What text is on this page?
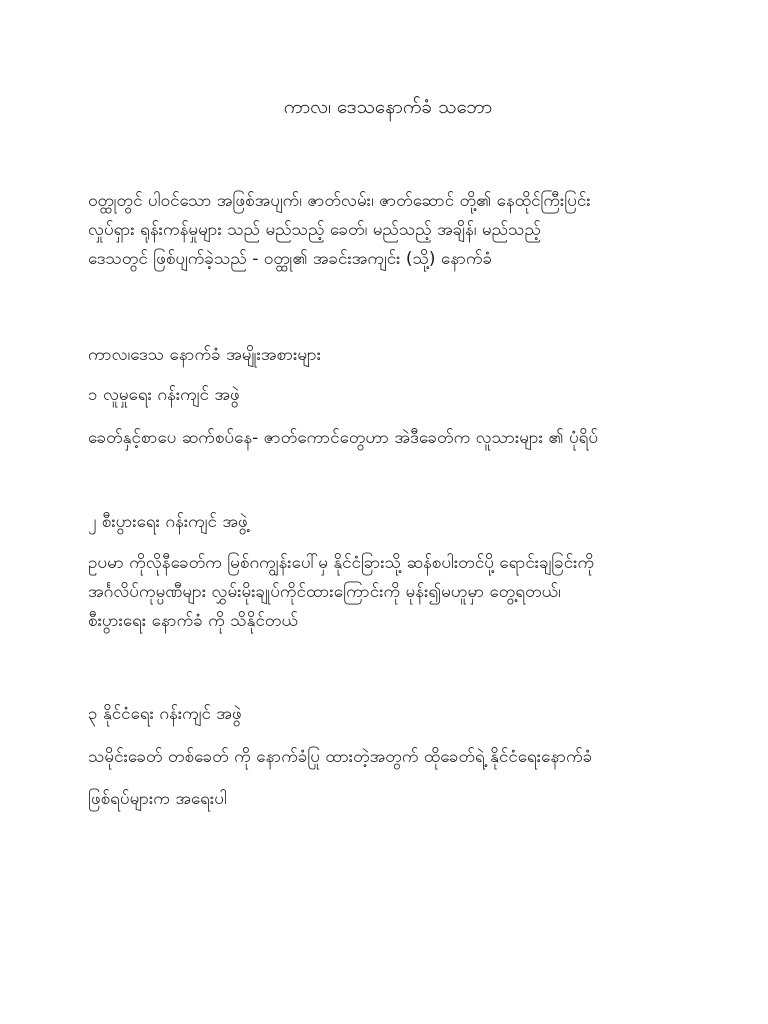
ကာလ၊ ဒေသနောက်ခံ သဘော

ဝတ္ထုတွင် ပါဝင်သော အဖြစ်အပျက်၊ ဇာတ်လမ်း၊ ဇာတ်ဆောင် တို့၏ နေထိုင်ကြီးပြင်း
လှုပ်ရှား ရုန်းကန်မှုများ သည် မည်သည့် ခေတ်၊ မည်သည့် အချိန်၊ မည်သည့်
ဒေသတွင် ဖြစ်ပျက်ခဲ့သည် - ဝတ္ထု၏ အခင်းအကျင်း (သို့) နောက်ခံ

ကာလ၊ဒေသ နောက်ခံ အမျိုးအစားများ

၁ လူမှုရေး ဂန်းကျင် အဖွဲ

ခေတ်နှင့်စာပေ ဆက်စပ်နေ- ဇာတ်ကောင်တွေဟာ အဲဒီခေတ်က လူသားများ ၏ ပုံရိပ်

၂ စီးပွားရေး ဂန်းကျင် အဖွဲ့

ဥပမာ ကိုလိုနီခေတ်က မြစ်ဂကျွန်းပေါ်မှ နိုင်ငံခြားသို့ ဆန်စပါးတင်ပို့ ရောင်းချခြင်းကို
အင်္ဂလိပ်ကုမ္ပဏီများ လွှမ်းမိုးချုပ်ကိုင်ထားကြောင်းကို မုန်း၍မဟူမှာ တွေ့ရတယ်၊
စီးပွားရေး နောက်ခံ ကို သိနိုင်တယ်

၃ နိုင်ငံရေး ဂန်းကျင် အဖွဲ

သမိုင်းခေတ် တစ်ခေတ် ကို နောက်ခံပြု ထားတဲ့အတွက် ထိုခေတ်ရဲ့ နိုင်ငံရေးနောက်ခံ

ဖြစ်ရပ်များက အရေးပါ
